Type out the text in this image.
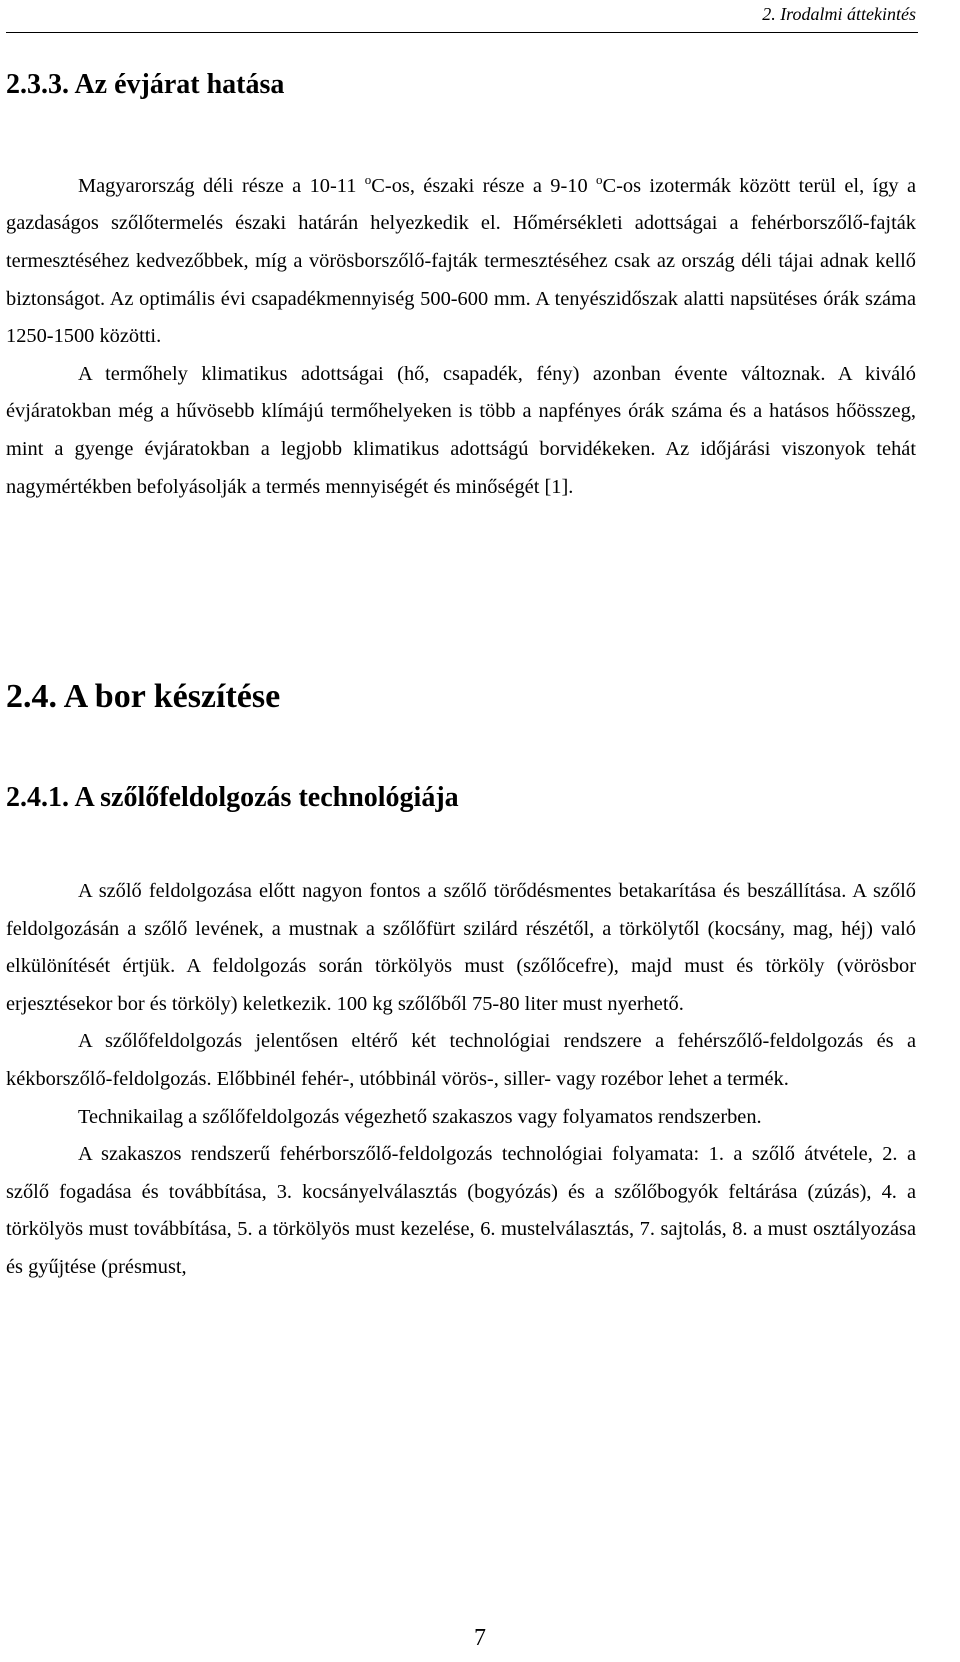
2. Irodalmi áttekintés

2.3.3. Az évjárat hatása

Magyarország déli része a 10-11 $^o$C-os, északi része a 9-10 $^o$C-os izotermák között terül el, így a gazdaságos szőlőtermelés északi határán helyezkedik el. Hőmérsékleti adottságai a fehérborszőlő-fajták termesztéséhez kedvezőbbek, míg a vörösborszőlő-fajták termesztéséhez csak az ország déli tájai adnak kellő biztonságot. Az optimális évi csapadékmennyiség 500-600 mm. A tenyészidőszak alatti napsütéses órák száma 1250-1500 közötti.

A termőhely klimatikus adottságai (hő, csapadék, fény) azonban évente változnak. A kiváló évjáratokban még a hűvösebb klímájú termőhelyeken is több a napfényes órák száma és a hatásos hőösszeg, mint a gyenge évjáratokban a legjobb klimatikus adottságú borvidékeken. Az időjárási viszonyok tehát nagymértékben befolyásolják a termés mennyiségét és minőségét [1].

2.4. A bor készítése
2.4.1. A szőlőfeldolgozás technológiája

A szőlő feldolgozása előtt nagyon fontos a szőlő törődésmentes betakarítása és beszállítása. A szőlő feldolgozásán a szőlő levének, a mustnak a szőlőfürt szilárd részétől, a törkölytől (kocsány, mag, héj) való elkülönítését értjük. A feldolgozás során törkölyös must (szőlőcefre), majd must és törköly (vörösbor erjesztésekor bor és törköly) keletkezik. 100 kg szőlőből 75-80 liter must nyerhető.

A szőlőfeldolgozás jelentősen eltérő két technológiai rendszere a fehérszőlő-feldolgozás és a kékborszőlő-feldolgozás. Előbbinél fehér-, utóbbinál vörös-, siller- vagy rozébor lehet a termék.

Technikailag a szőlőfeldolgozás végezhető szakaszos vagy folyamatos rendszerben.

A szakaszos rendszerű fehérborszőlő-feldolgozás technológiai folyamata: 1. a szőlő átvétele, 2. a szőlő fogadása és továbbítása, 3. kocsányelválasztás (bogyózás) és a szőlőbogyók feltárása (zúzás), 4. a törkölyös must továbbítása, 5. a törkölyös must kezelése, 6. mustelválasztás, 7. sajtolás, 8. a must osztályozása és gyűjtése (présmust,

7
